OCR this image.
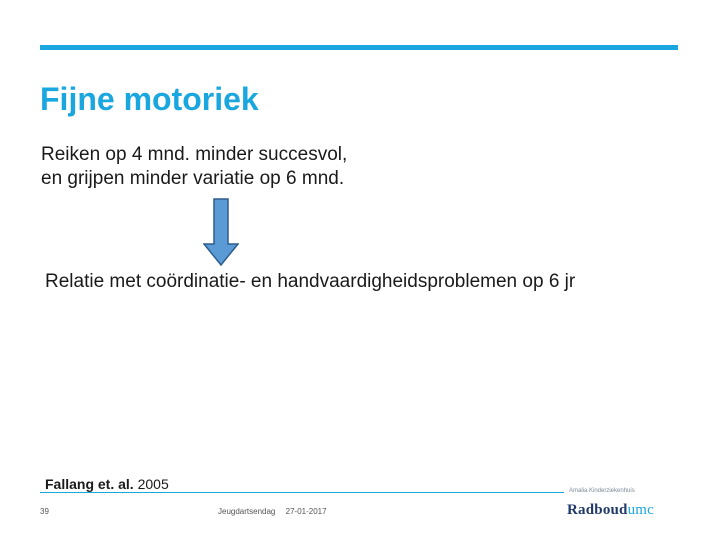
Fijne motoriek
Reiken op 4 mnd. minder succesvol,
en grijpen minder variatie op 6 mnd.
Relatie met coördinatie- en handvaardigheidsproblemen op 6 jr
Fallang et. al. 2005
39	Jeugdartsendag 27-01-2017
Amalia Kinderziekenhuis
Radboudumc
